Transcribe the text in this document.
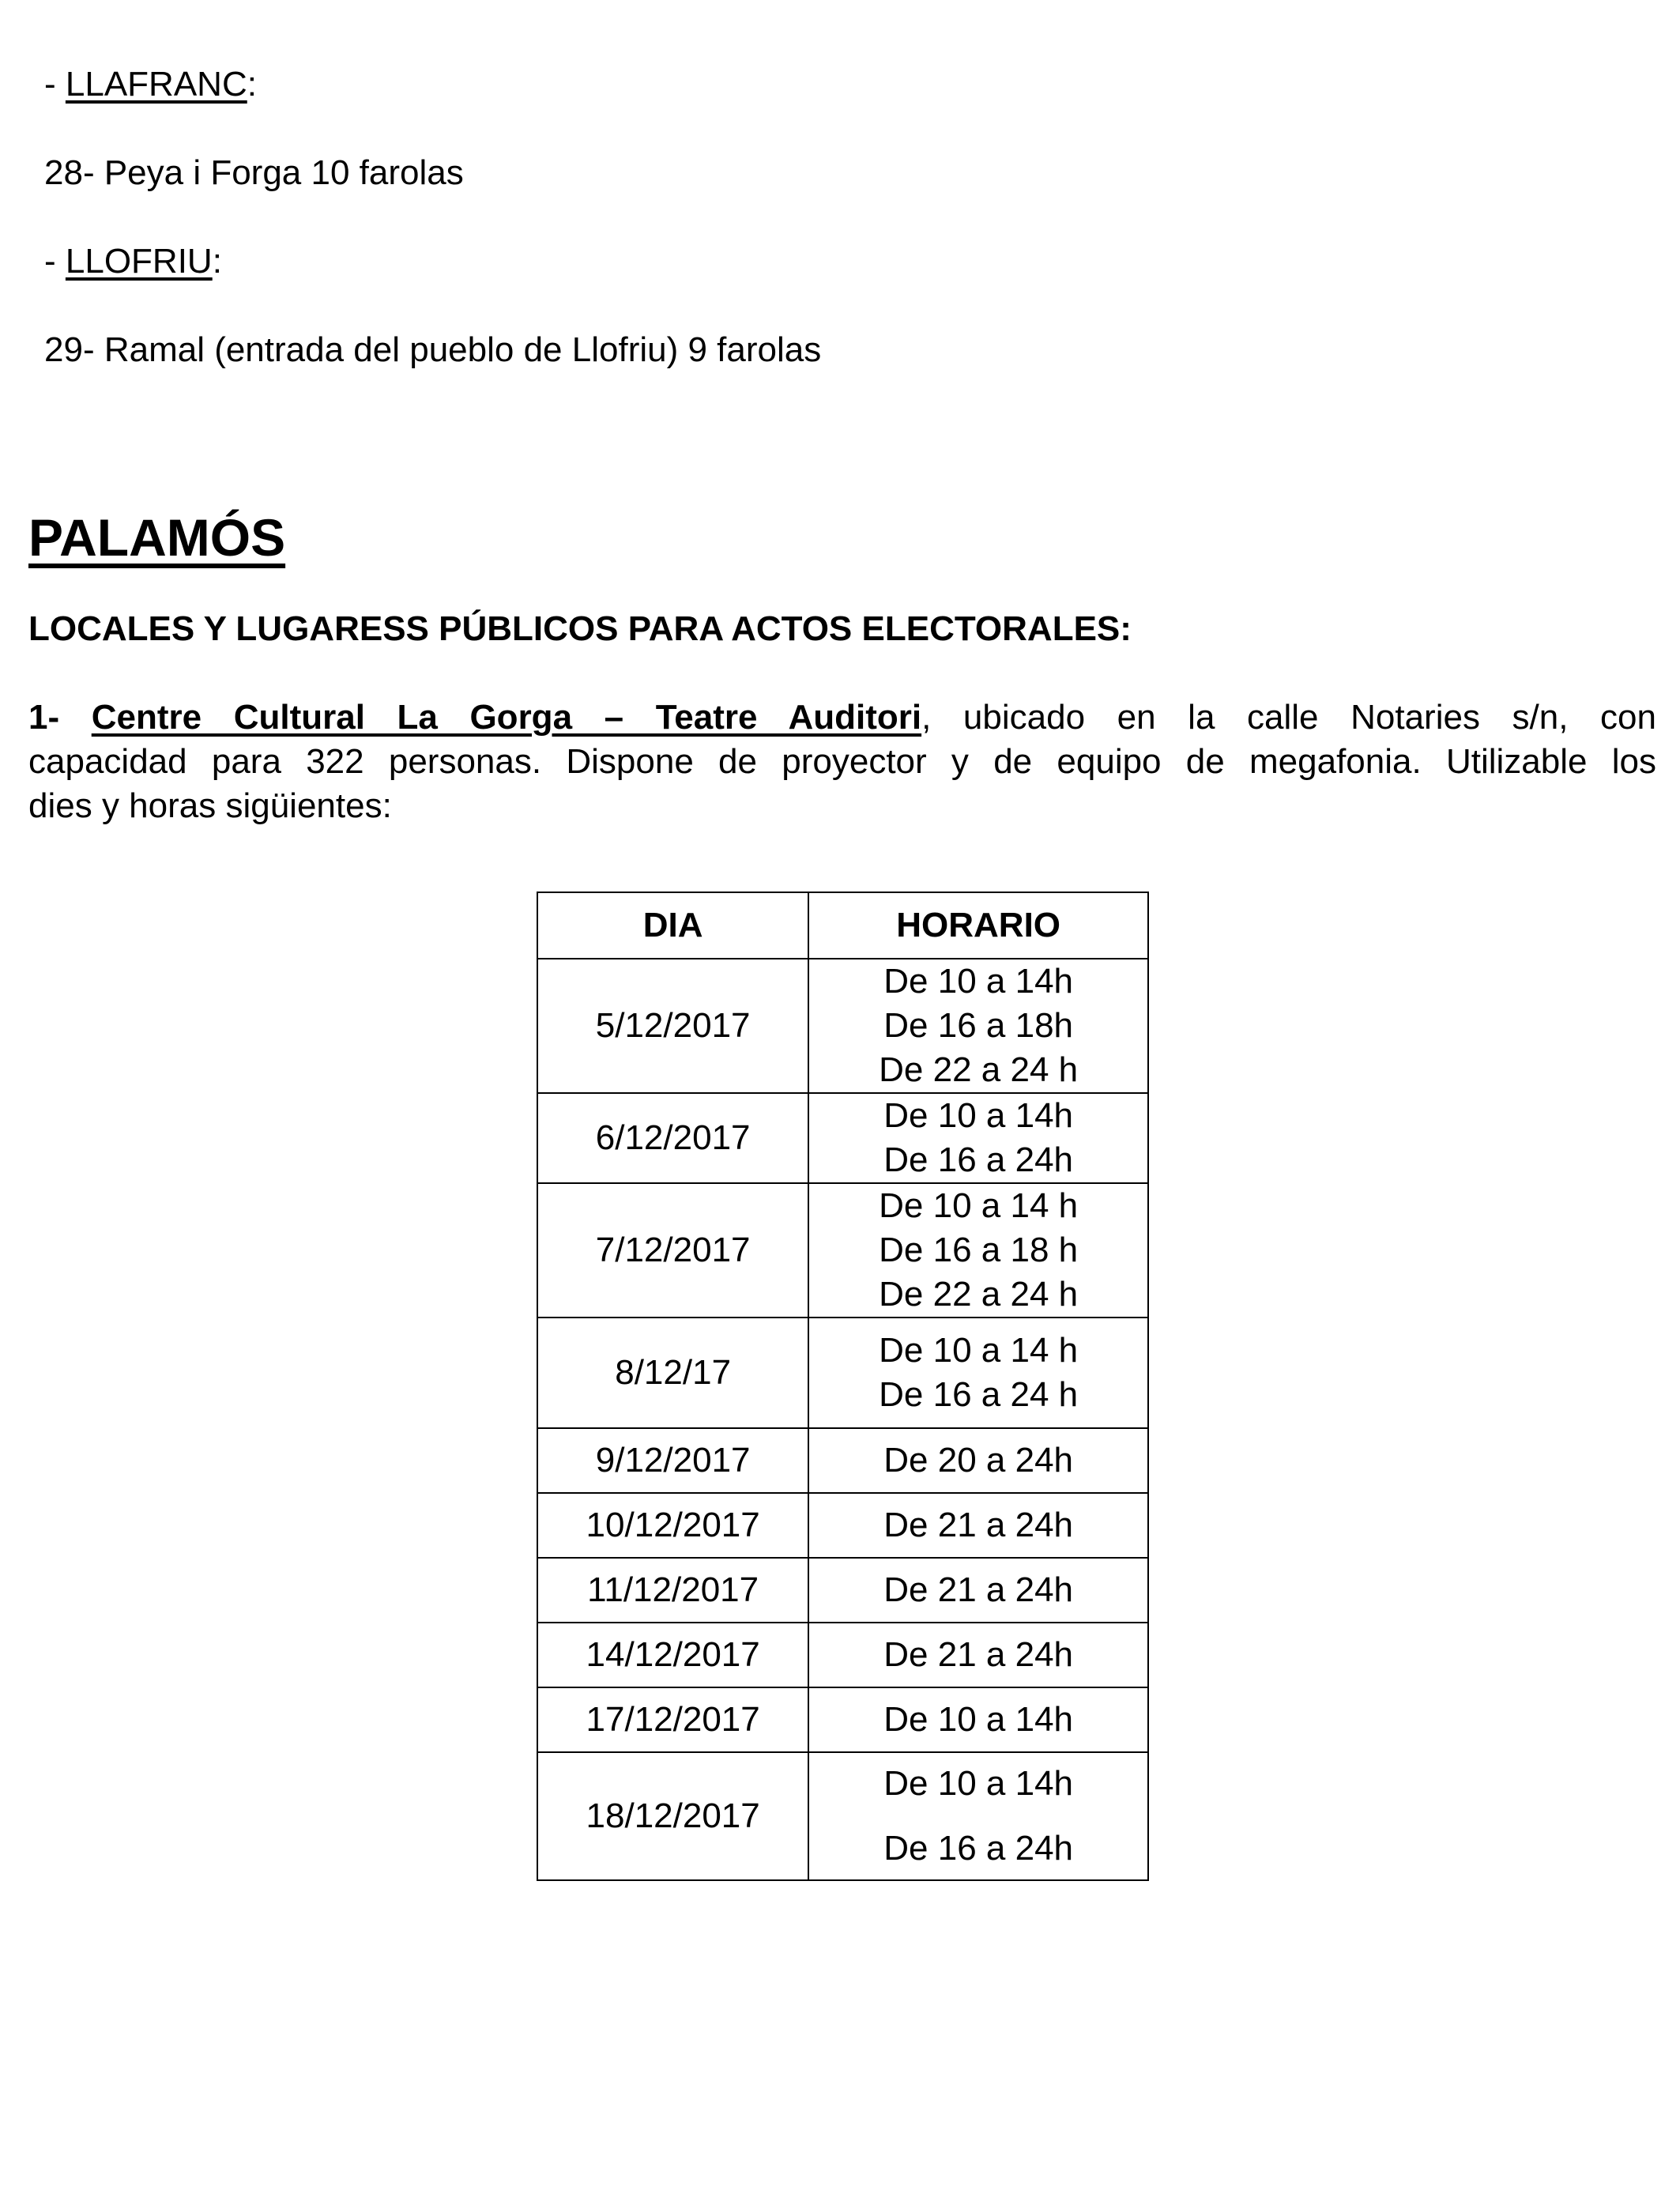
- LLAFRANC:
28- Peya i Forga 10 farolas
- LLOFRIU:
29- Ramal (entrada del pueblo de Llofriu) 9 farolas
PALAMÓS
LOCALES Y LUGARESS PÚBLICOS PARA ACTOS ELECTORALES:
1- Centre Cultural La Gorga – Teatre Auditori, ubicado en la calle Notaries s/n, con
capacidad para 322 personas. Dispone de proyector y de equipo de megafonia. Utilizable los
dies y horas sigüientes:
DIA	HORARIO
5/12/2017	De 10 a 14h
De 16 a 18h
De 22 a 24 h

6/12/2017	De 10 a 14h
De 16 a 24h

7/12/2017	De 10 a 14 h
De 16 a 18 h
De 22 a 24 h

8/12/17	De 10 a 14 h
De 16 a 24 h

9/12/2017	De 20 a 24h

10/12/2017	De 21 a 24h

11/12/2017	De 21 a 24h

14/12/2017	De 21 a 24h

17/12/2017	De 10 a 14h

18/12/2017	De 10 a 14h
De 16 a 24h
